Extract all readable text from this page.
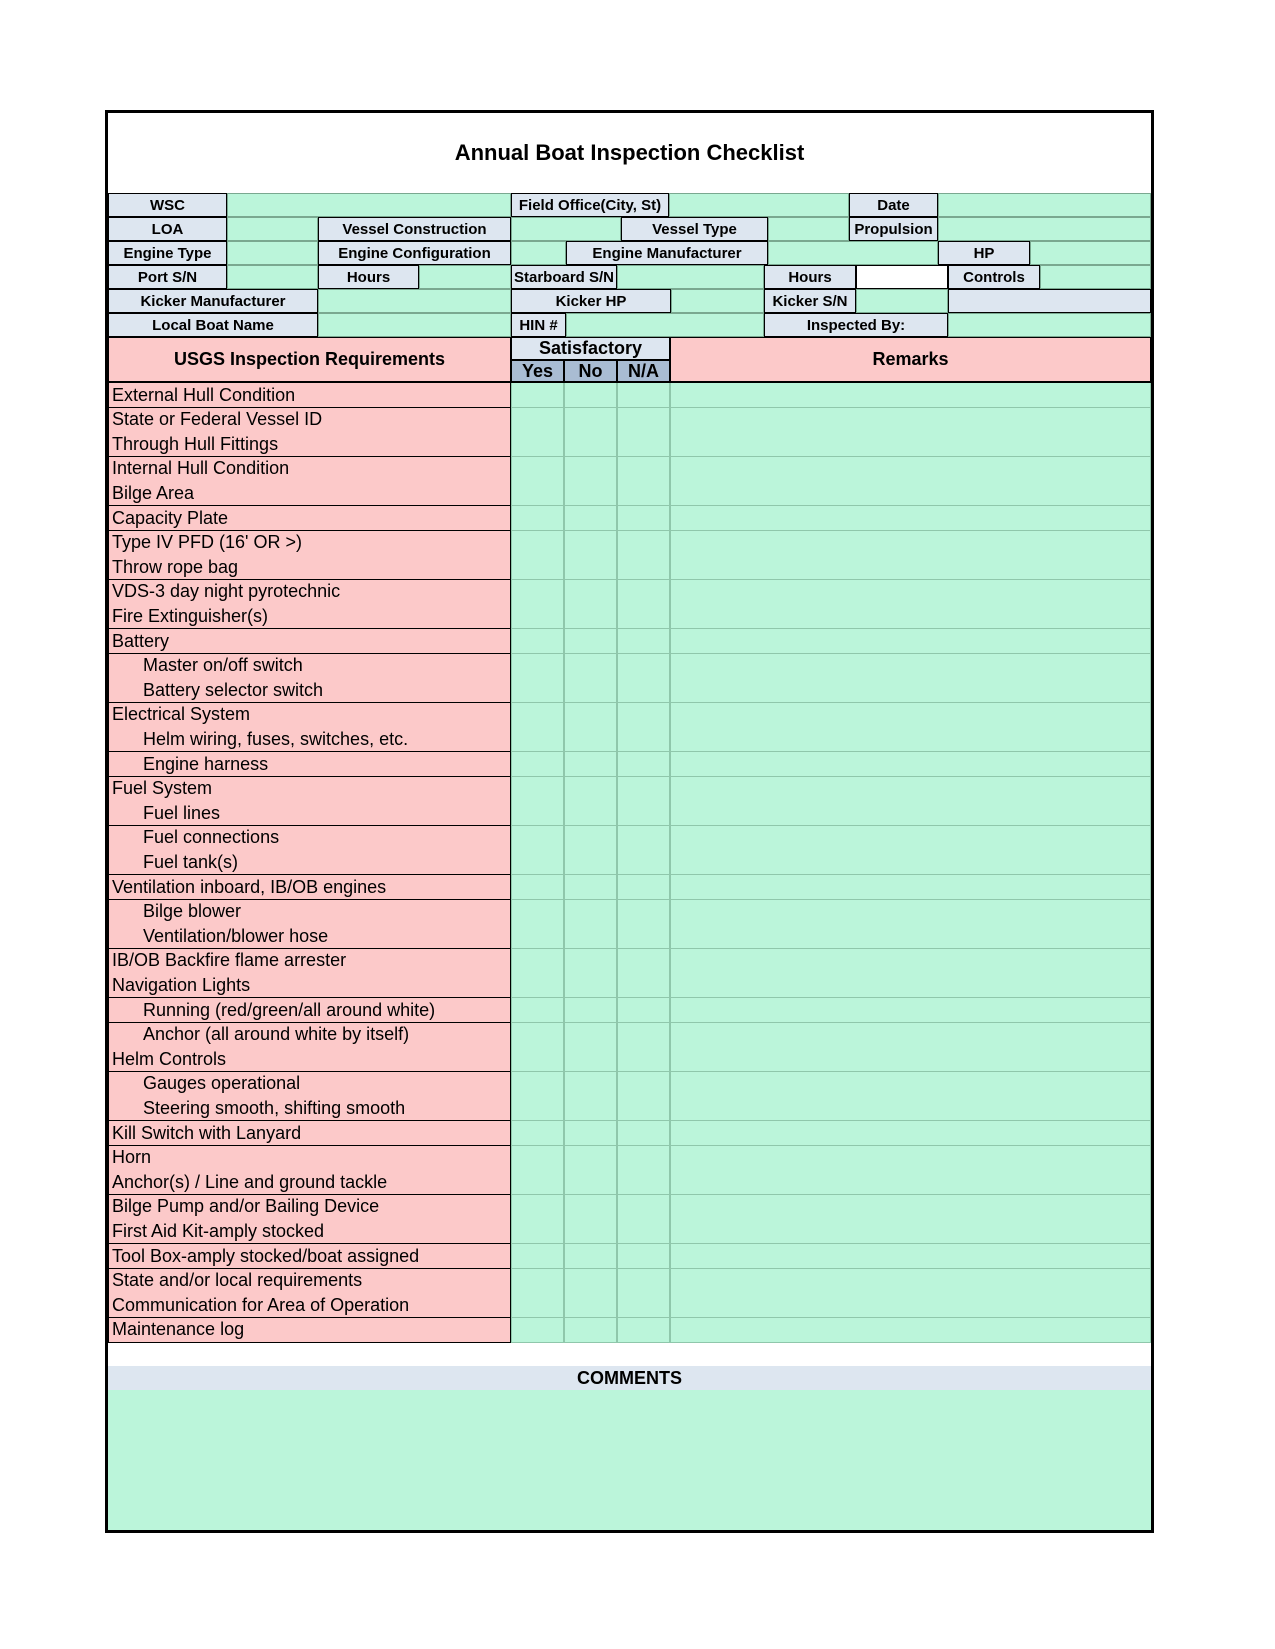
Annual Boat Inspection Checklist
WSC	Field Office(City, St)	Date
LOA	Vessel Construction	Vessel Type	Propulsion
Engine Type	Engine Configuration	Engine Manufacturer	HP
Port S/N	Hours	Starboard S/N	Hours	Controls
Kicker Manufacturer	Kicker HP	Kicker S/N
Local Boat Name	HIN #	Inspected By:
USGS Inspection Requirements
Satisfactory
Yes	No	N/A
Remarks
External Hull Condition
State or Federal Vessel ID
Through Hull Fittings
Internal Hull Condition
Bilge Area
Capacity Plate
Type IV PFD (16' OR >)
Throw rope bag
VDS-3 day night pyrotechnic
Fire Extinguisher(s)
Battery
Master on/off switch
Battery selector switch
Electrical System
Helm wiring, fuses, switches, etc.
Engine harness
Fuel System
Fuel lines
Fuel connections
Fuel tank(s)
Ventilation inboard, IB/OB engines
Bilge blower
Ventilation/blower hose
IB/OB Backfire flame arrester
Navigation Lights
Running (red/green/all around white)
Anchor (all around white by itself)
Helm Controls
Gauges operational
Steering smooth, shifting smooth
Kill Switch with Lanyard
Horn
Anchor(s) / Line and ground tackle
Bilge Pump and/or Bailing Device
First Aid Kit-amply stocked
Tool Box-amply stocked/boat assigned
State and/or local requirements
Communication for Area of Operation
Maintenance log
COMMENTS
